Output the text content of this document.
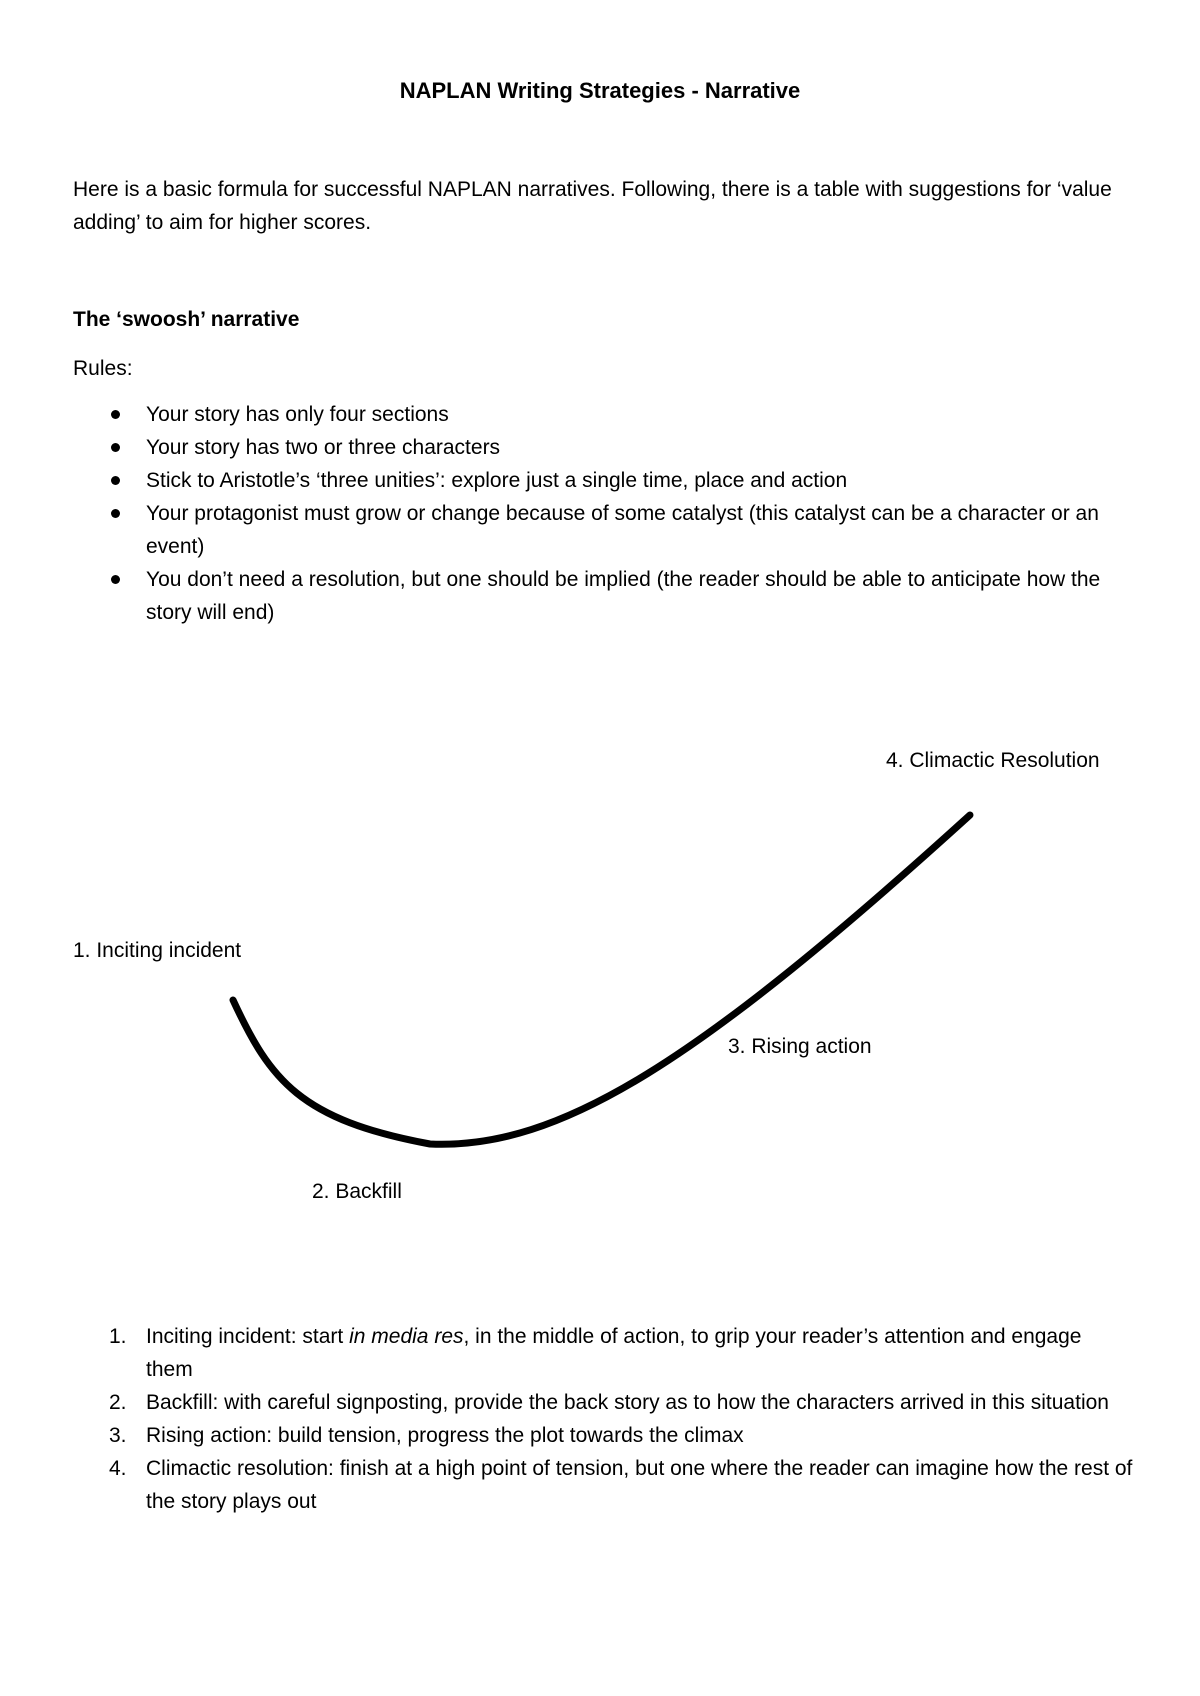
NAPLAN Writing Strategies - Narrative

Here is a basic formula for successful NAPLAN narratives. Following, there is a table with suggestions for ‘value adding’ to aim for higher scores.

The ‘swoosh’ narrative

Rules:

Your story has only four sections
Your story has two or three characters
Stick to Aristotle’s ‘three unities’: explore just a single time, place and action
Your protagonist must grow or change because of some catalyst (this catalyst can be a character or an event)
You don’t need a resolution, but one should be implied (the reader should be able to anticipate how the story will end)

4. Climactic Resolution

1. Inciting incident

3. Rising action

2. Backfill

1. Inciting incident: start in media res, in the middle of action, to grip your reader’s attention and engage them
2. Backfill: with careful signposting, provide the back story as to how the characters arrived in this situation
3. Rising action: build tension, progress the plot towards the climax
4. Climactic resolution: finish at a high point of tension, but one where the reader can imagine how the rest of the story plays out
